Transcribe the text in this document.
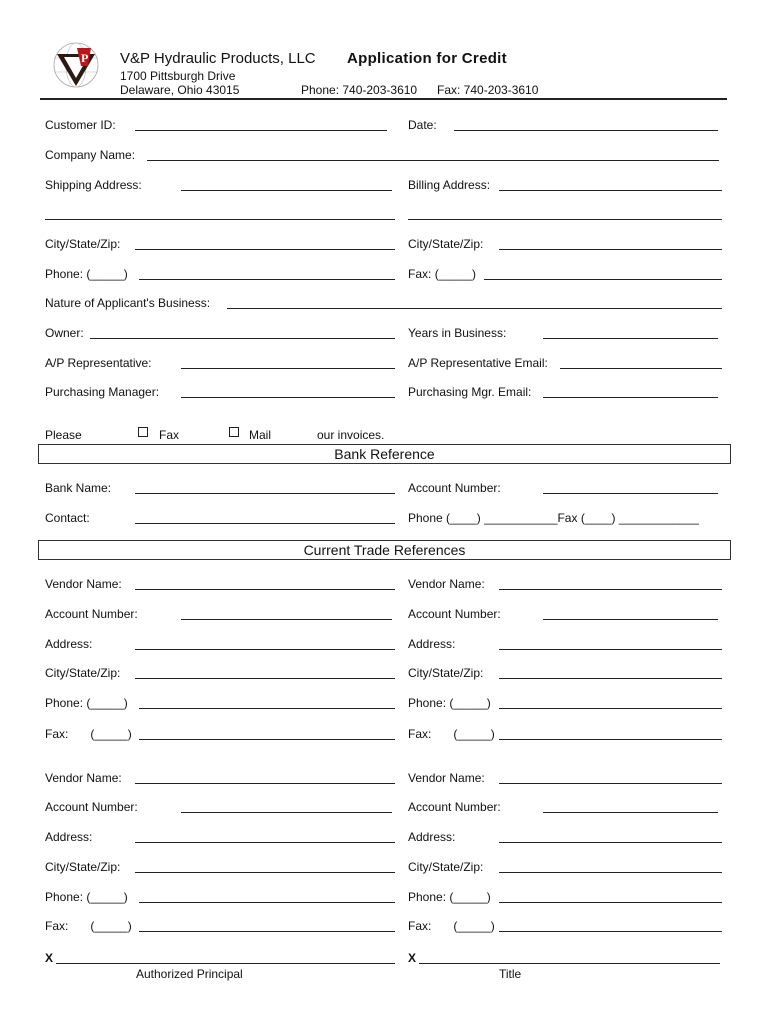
P V&P Hydraulic Products, LLC Application for Credit
1700 Pittsburgh Drive
Delaware, Ohio 43015	Phone: 740-203-3610 Fax: 740-203-3610
Customer ID:	Date:
Company Name:
Shipping Address:	Billing Address:
City/State/Zip:	City/State/Zip:
Phone: (_____)	Fax: (_____)
Nature of Applicant's Business:
Owner:	Years in Business:
A/P Representative:	A/P Representative Email:
Purchasing Manager:	Purchasing Mgr. Email:
Please	Fax	Mail	our invoices.
Bank Reference
Bank Name:	Account Number:
Contact:	Phone (____) ___________Fax (____) ____________
Current Trade References
Vendor Name:	Vendor Name:
Account Number:	Account Number:
Address:	Address:
City/State/Zip:	City/State/Zip:
Phone: (_____)	Phone: (_____)
Fax: (_____)	Fax: (_____)
Vendor Name:	Vendor Name:
Account Number:	Account Number:
Address:	Address:
City/State/Zip:	City/State/Zip:
Phone: (_____)	Phone: (_____)
Fax: (_____)	Fax: (_____)
X
Authorized Principal
X
Title
